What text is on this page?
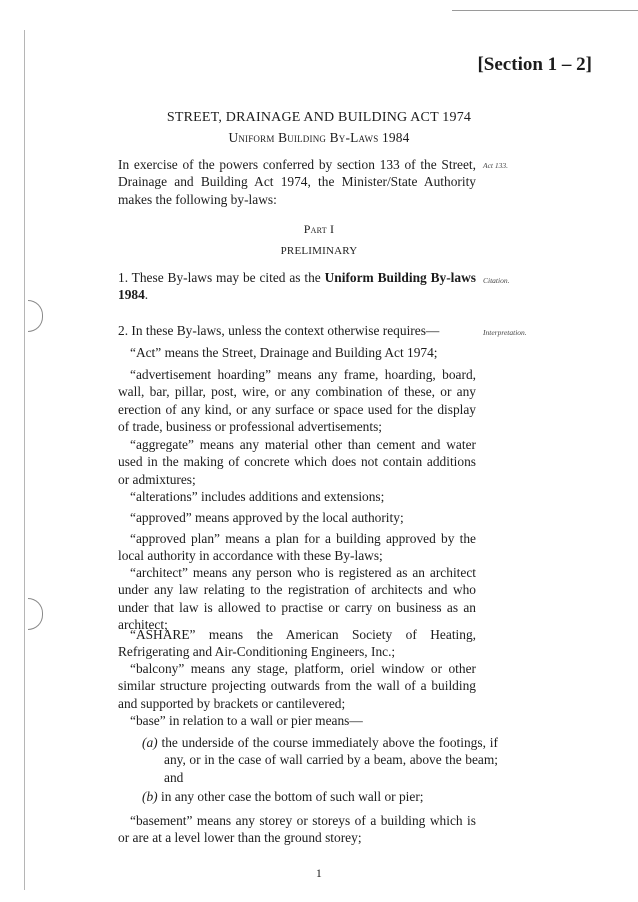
[Section 1 – 2]
STREET, DRAINAGE AND BUILDING ACT 1974
Uniform Building By-Laws 1984
In exercise of the powers conferred by section 133 of the Street, Drainage and Building Act 1974, the Minister/State Authority makes the following by-laws:
Act 133.
Part I
PRELIMINARY
1. These By-laws may be cited as the Uniform Building By-laws 1984.
Citation.
2. In these By-laws, unless the context otherwise requires—	Interpretation.
“Act” means the Street, Drainage and Building Act 1974;
“advertisement hoarding” means any frame, hoarding, board, wall, bar, pillar, post, wire, or any combination of these, or any erection of any kind, or any surface or space used for the display of trade, business or professional advertisements;
“aggregate” means any material other than cement and water used in the making of concrete which does not contain additions or admixtures;
“alterations” includes additions and extensions;
“approved” means approved by the local authority;
“approved plan” means a plan for a building approved by the local authority in accordance with these By-laws;
“architect” means any person who is registered as an architect under any law relating to the registration of architects and who under that law is allowed to practise or carry on business as an architect;
“ASHARE” means the American Society of Heating, Refrigerating and Air-Conditioning Engineers, Inc.;
“balcony” means any stage, platform, oriel window or other similar structure projecting outwards from the wall of a building and supported by brackets or cantilevered;
“base” in relation to a wall or pier means—
(a) the underside of the course immediately above the footings, if any, or in the case of wall carried by a beam, above the beam; and
(b) in any other case the bottom of such wall or pier;
“basement” means any storey or storeys of a building which is or are at a level lower than the ground storey;
1
